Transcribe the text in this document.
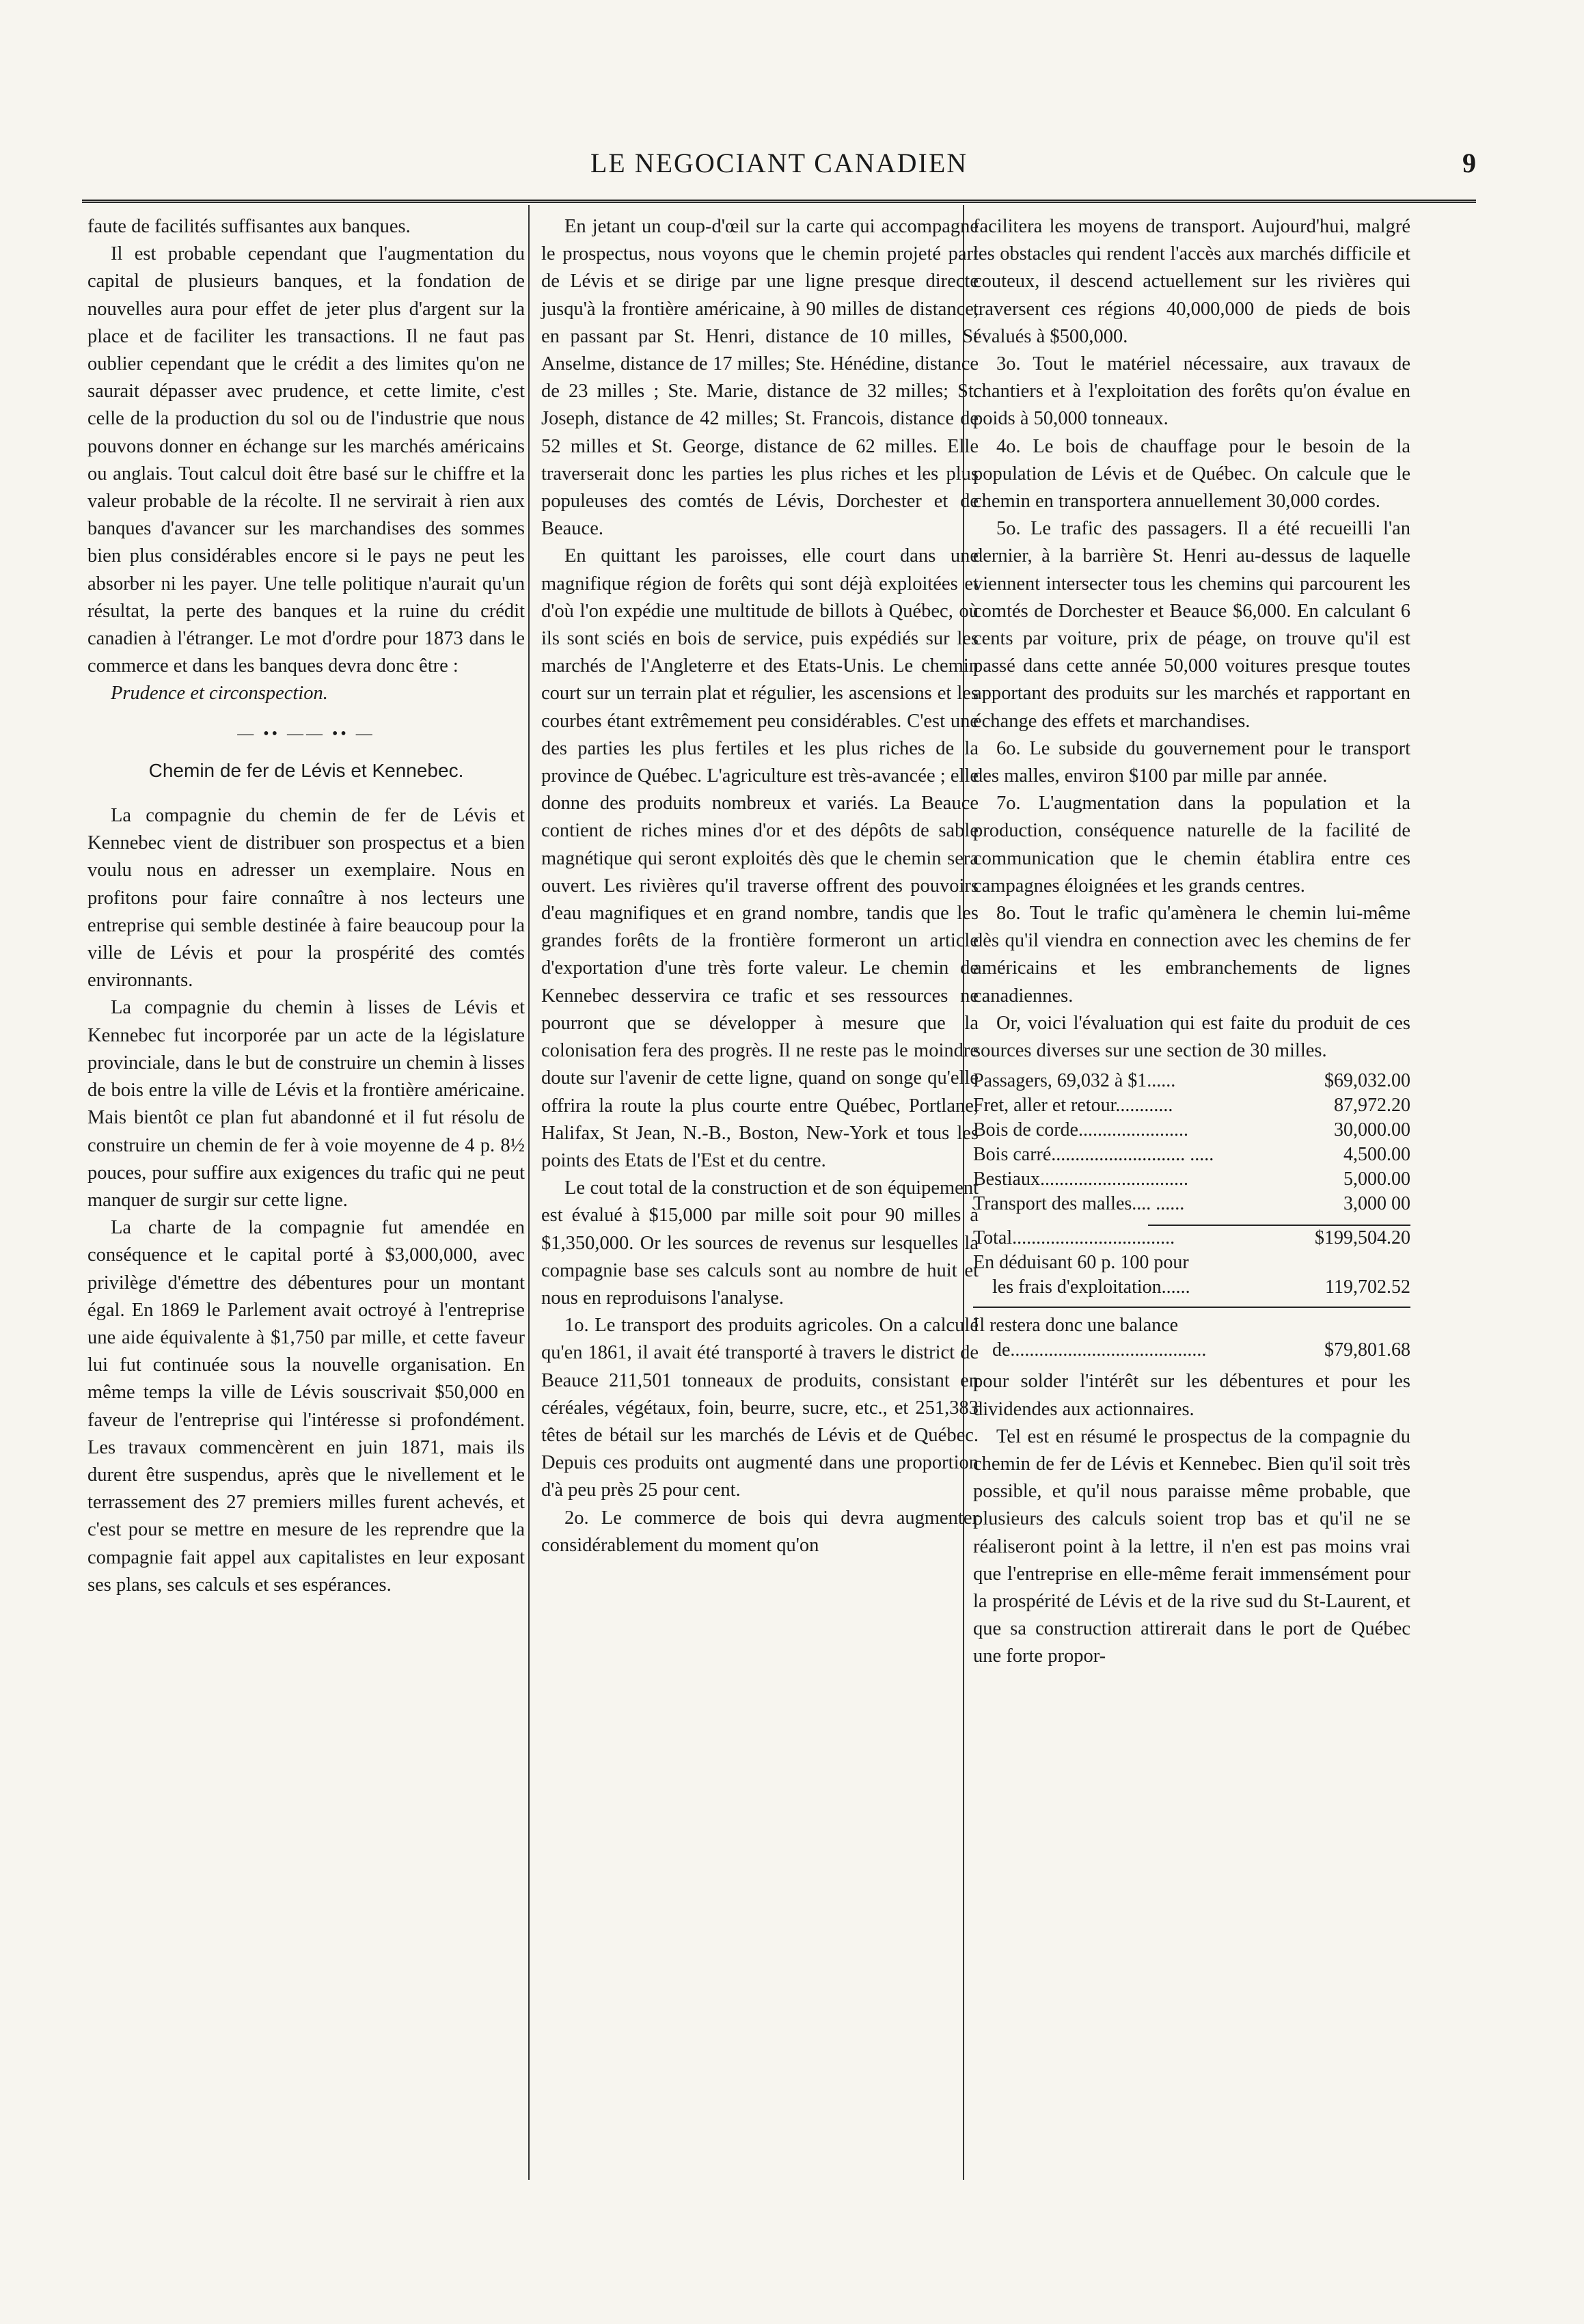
LE NEGOCIANT CANADIEN	9

faute de facilités suffisantes aux banques.

Il est probable cependant que l'augmentation du capital de plusieurs banques, et la fondation de nouvelles aura pour effet de jeter plus d'argent sur la place et de faciliter les transactions. Il ne faut pas oublier cependant que le crédit a des limites qu'on ne saurait dépasser avec prudence, et cette limite, c'est celle de la production du sol ou de l'industrie que nous pouvons donner en échange sur les marchés américains ou anglais. Tout calcul doit être basé sur le chiffre et la valeur probable de la récolte. Il ne servirait à rien aux banques d'avancer sur les marchandises des sommes bien plus considérables encore si le pays ne peut les absorber ni les payer. Une telle politique n'aurait qu'un résultat, la perte des banques et la ruine du crédit canadien à l'étranger. Le mot d'ordre pour 1873 dans le commerce et dans les banques devra donc être :

Prudence et circonspection.

— •• —— •• —
Chemin de fer de Lévis et Kennebec.

La compagnie du chemin de fer de Lévis et Kennebec vient de distribuer son prospectus et a bien voulu nous en adresser un exemplaire. Nous en profitons pour faire connaître à nos lecteurs une entreprise qui semble destinée à faire beaucoup pour la ville de Lévis et pour la prospérité des comtés environnants.

La compagnie du chemin à lisses de Lévis et Kennebec fut incorporée par un acte de la législature provinciale, dans le but de construire un chemin à lisses de bois entre la ville de Lévis et la frontière américaine. Mais bientôt ce plan fut abandonné et il fut résolu de construire un chemin de fer à voie moyenne de 4 p. 8½ pouces, pour suffire aux exigences du trafic qui ne peut manquer de surgir sur cette ligne.

La charte de la compagnie fut amendée en conséquence et le capital porté à $3,000,000, avec privilège d'émettre des débentures pour un montant égal. En 1869 le Parlement avait octroyé à l'entreprise une aide équivalente à $1,750 par mille, et cette faveur lui fut continuée sous la nouvelle organisation. En même temps la ville de Lévis souscrivait $50,000 en faveur de l'entreprise qui l'intéresse si profondément. Les travaux commencèrent en juin 1871, mais ils durent être suspendus, après que le nivellement et le terrassement des 27 premiers milles furent achevés, et c'est pour se mettre en mesure de les reprendre que la compagnie fait appel aux capitalistes en leur exposant ses plans, ses calculs et ses espérances.

En jetant un coup-d'œil sur la carte qui accompagne le prospectus, nous voyons que le chemin projeté part de Lévis et se dirige par une ligne presque directe jusqu'à la frontière américaine, à 90 milles de distance, en passant par St. Henri, distance de 10 milles, St Anselme, distance de 17 milles; Ste. Hénédine, distance de 23 milles ; Ste. Marie, distance de 32 milles; St. Joseph, distance de 42 milles; St. Francois, distance de 52 milles et St. George, distance de 62 milles. Elle traverserait donc les parties les plus riches et les plus populeuses des comtés de Lévis, Dorchester et de Beauce.

En quittant les paroisses, elle court dans une magnifique région de forêts qui sont déjà exploitées et d'où l'on expédie une multitude de billots à Québec, où ils sont sciés en bois de service, puis expédiés sur les marchés de l'Angleterre et des Etats-Unis. Le chemin court sur un terrain plat et régulier, les ascensions et les courbes étant extrêmement peu considérables. C'est une des parties les plus fertiles et les plus riches de la province de Québec. L'agriculture est très-avancée ; elle donne des produits nombreux et variés. La Beauce contient de riches mines d'or et des dépôts de sable magnétique qui seront exploités dès que le chemin sera ouvert. Les rivières qu'il traverse offrent des pouvoirs d'eau magnifiques et en grand nombre, tandis que les grandes forêts de la frontière formeront un article d'exportation d'une très forte valeur. Le chemin de Kennebec desservira ce trafic et ses ressources ne pourront que se développer à mesure que la colonisation fera des progrès. Il ne reste pas le moindre doute sur l'avenir de cette ligne, quand on songe qu'elle offrira la route la plus courte entre Québec, Portlane, Halifax, St Jean, N.-B., Boston, New-York et tous les points des Etats de l'Est et du centre.

Le cout total de la construction et de son équipement est évalué à $15,000 par mille soit pour 90 milles à $1,350,000. Or les sources de revenus sur lesquelles la compagnie base ses calculs sont au nombre de huit et nous en reproduisons l'analyse.

1o. Le transport des produits agricoles. On a calculé qu'en 1861, il avait été transporté à travers le district de Beauce 211,501 tonneaux de produits, consistant en céréales, végétaux, foin, beurre, sucre, etc., et 251,383 têtes de bétail sur les marchés de Lévis et de Québec. Depuis ces produits ont augmenté dans une proportion d'à peu près 25 pour cent.

2o. Le commerce de bois qui devra augmenter considérablement du moment qu'on

facilitera les moyens de transport. Aujourd'hui, malgré les obstacles qui rendent l'accès aux marchés difficile et couteux, il descend actuellement sur les rivières qui traversent ces régions 40,000,000 de pieds de bois évalués à $500,000.

3o. Tout le matériel nécessaire, aux travaux de chantiers et à l'exploitation des forêts qu'on évalue en poids à 50,000 tonneaux.

4o. Le bois de chauffage pour le besoin de la population de Lévis et de Québec. On calcule que le chemin en transportera annuellement 30,000 cordes.

5o. Le trafic des passagers. Il a été recueilli l'an dernier, à la barrière St. Henri au-dessus de laquelle viennent intersecter tous les chemins qui parcourent les comtés de Dorchester et Beauce $6,000. En calculant 6 cents par voiture, prix de péage, on trouve qu'il est passé dans cette année 50,000 voitures presque toutes apportant des produits sur les marchés et rapportant en échange des effets et marchandises.

6o. Le subside du gouvernement pour le transport des malles, environ $100 par mille par année.

7o. L'augmentation dans la population et la production, conséquence naturelle de la facilité de communication que le chemin établira entre ces campagnes éloignées et les grands centres.

8o. Tout le trafic qu'amènera le chemin lui-même dès qu'il viendra en connection avec les chemins de fer américains et les embranchements de lignes canadiennes.

Or, voici l'évaluation qui est faite du produit de ces sources diverses sur une section de 30 milles.

Passagers, 69,032 à $1......	$69,032.00
Fret, aller et retour............	87,972.20
Bois de corde.......................	30,000.00
Bois carré............................ .....	4,500.00
Bestiaux...............................	5,000.00
Transport des malles.... ......	3,000 00

Total..................................	$199,504.20
En déduisant 60 p. 100 pour	
les frais d'exploitation......	119,702.52

Il restera donc une balance	
de.........................................	$79,801.68

pour solder l'intérêt sur les débentures et pour les dividendes aux actionnaires.

Tel est en résumé le prospectus de la compagnie du chemin de fer de Lévis et Kennebec. Bien qu'il soit très possible, et qu'il nous paraisse même probable, que plusieurs des calculs soient trop bas et qu'il ne se réaliseront point à la lettre, il n'en est pas moins vrai que l'entreprise en elle-même ferait immensément pour la prospérité de Lévis et de la rive sud du St-Laurent, et que sa construction attirerait dans le port de Québec une forte propor-
